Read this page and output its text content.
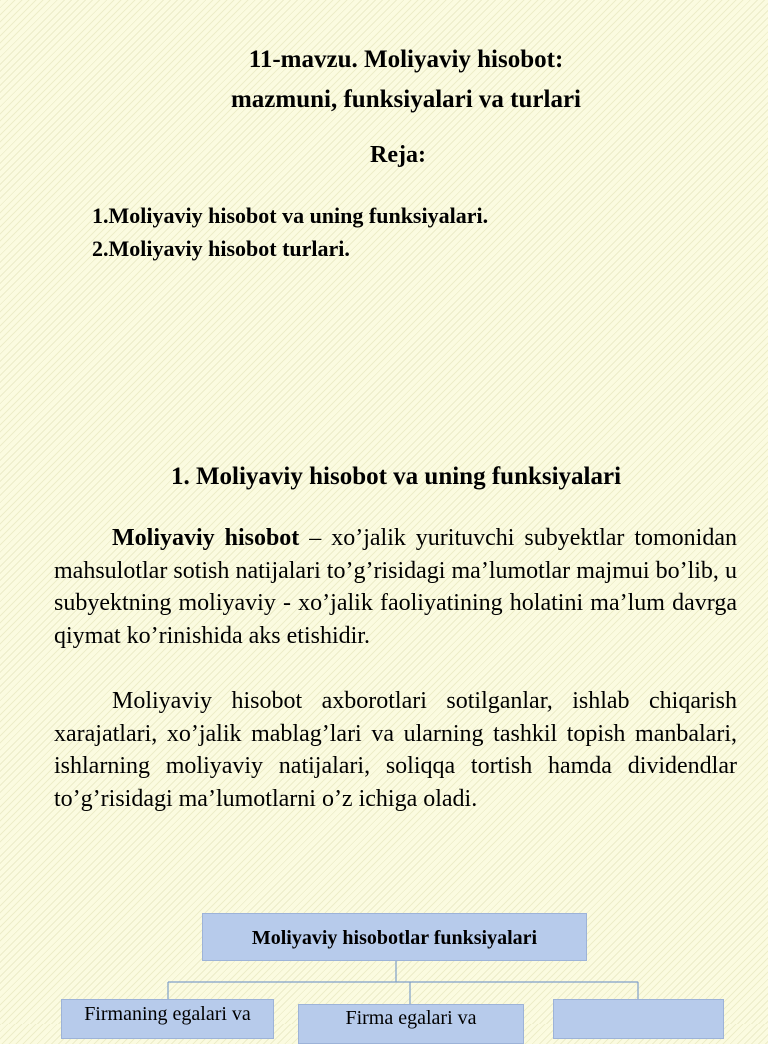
11-mavzu. Moliyaviy hisobot:
mazmuni, funksiyalari va turlari
Reja:
1.Moliyaviy hisobot va uning funksiyalari.
2.Moliyaviy hisobot turlari.
1. Moliyaviy hisobot va uning funksiyalari

Moliyaviy hisobot – xo’jalik yurituvchi subyektlar tomonidan mahsulotlar sotish natijalari to’g’risidagi ma’lumotlar majmui bo’lib, u subyektning moliyaviy - xo’jalik faoliyatining holatini ma’lum davrga qiymat ko’rinishida aks etishidir.

Moliyaviy hisobot axborotlari sotilganlar, ishlab chiqarish xarajatlari, xo’jalik mablag’lari va ularning tashkil topish manbalari, ishlarning moliyaviy natijalari, soliqqa tortish hamda dividendlar to’g’risidagi ma’lumotlarni o’z ichiga oladi.

Moliyaviy hisobotlar funksiyalari
Firmaning egalari va	Firma egalari va
